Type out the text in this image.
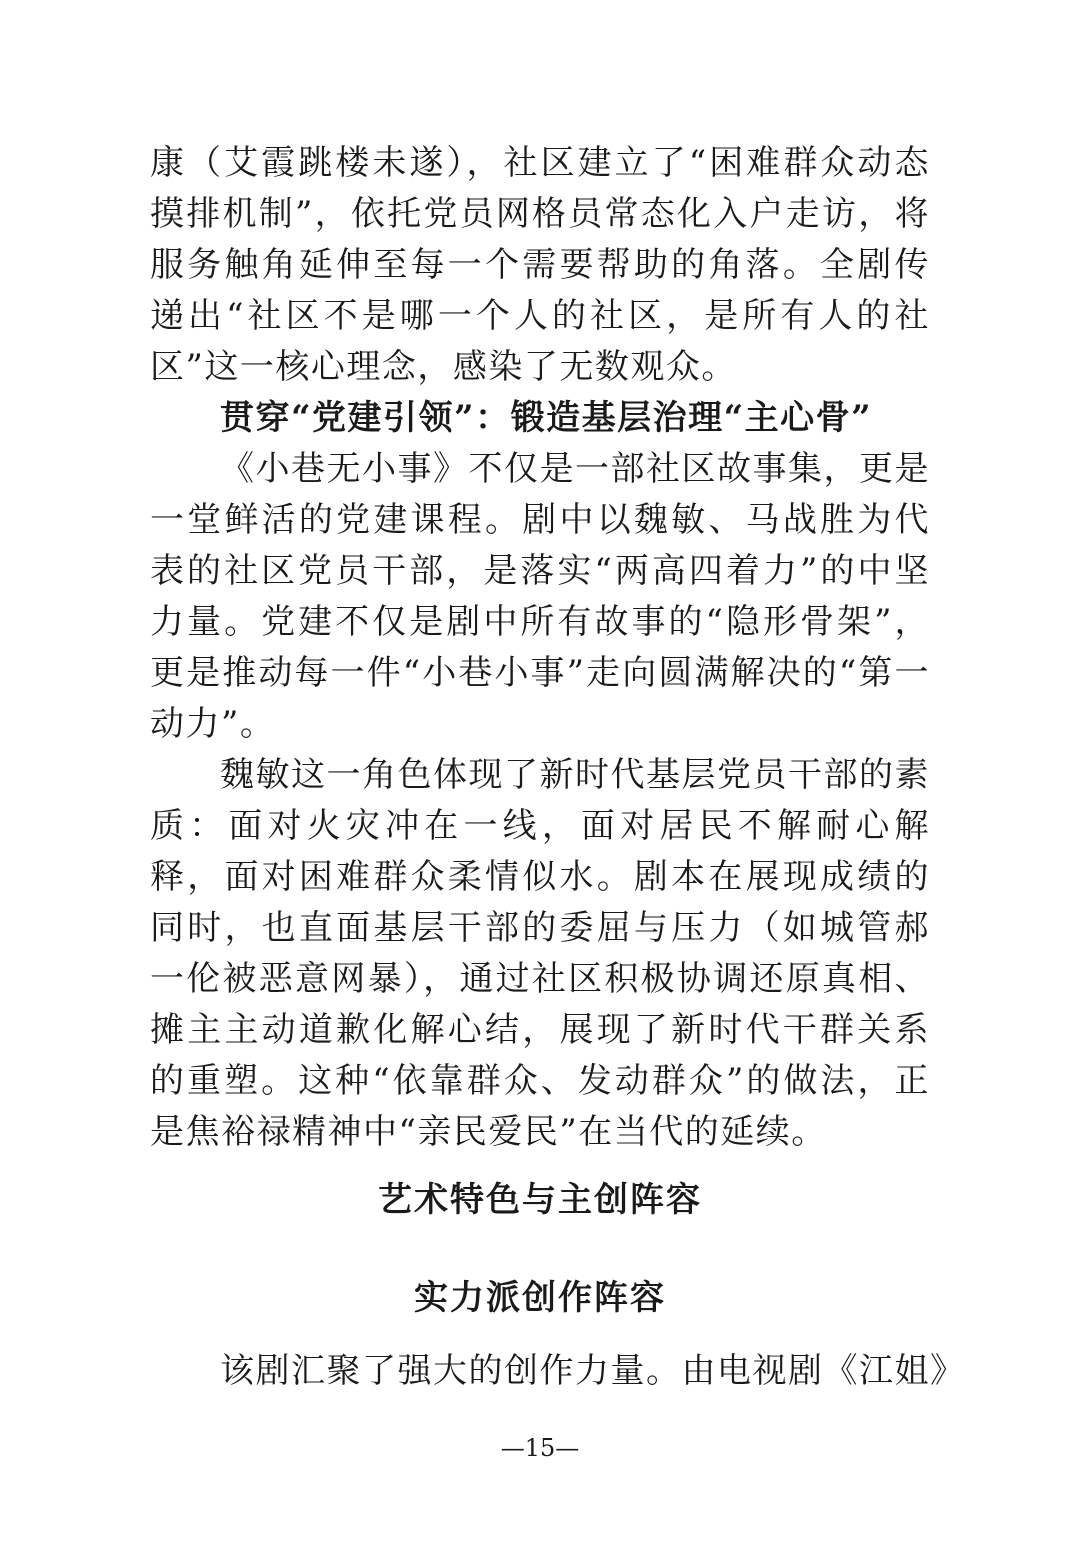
康（艾霞跳楼未遂），社区建立了“困难群众动态摸排机制”，依托党员网格员常态化入户走访，将服务触角延伸至每一个需要帮助的角落。全剧传递出“社区不是哪一个人的社区，是所有人的社区”这一核心理念，感染了无数观众。

贯穿“党建引领”：锻造基层治理“主心骨”

《小巷无小事》不仅是一部社区故事集，更是一堂鲜活的党建课程。剧中以魏敏、马战胜为代表的社区党员干部，是落实“两高四着力”的中坚力量。党建不仅是剧中所有故事的“隐形骨架”，更是推动每一件“小巷小事”走向圆满解决的“第一动力”。

魏敏这一角色体现了新时代基层党员干部的素质：面对火灾冲在一线，面对居民不解耐心解释，面对困难群众柔情似水。剧本在展现成绩的同时，也直面基层干部的委屈与压力（如城管郝一伦被恶意网暴），通过社区积极协调还原真相、摊主主动道歉化解心结，展现了新时代干群关系的重塑。这种“依靠群众、发动群众”的做法，正是焦裕禄精神中“亲民爱民”在当代的延续。

艺术特色与主创阵容
实力派创作阵容

该剧汇聚了强大的创作力量。由电视剧《江姐》

—15—
